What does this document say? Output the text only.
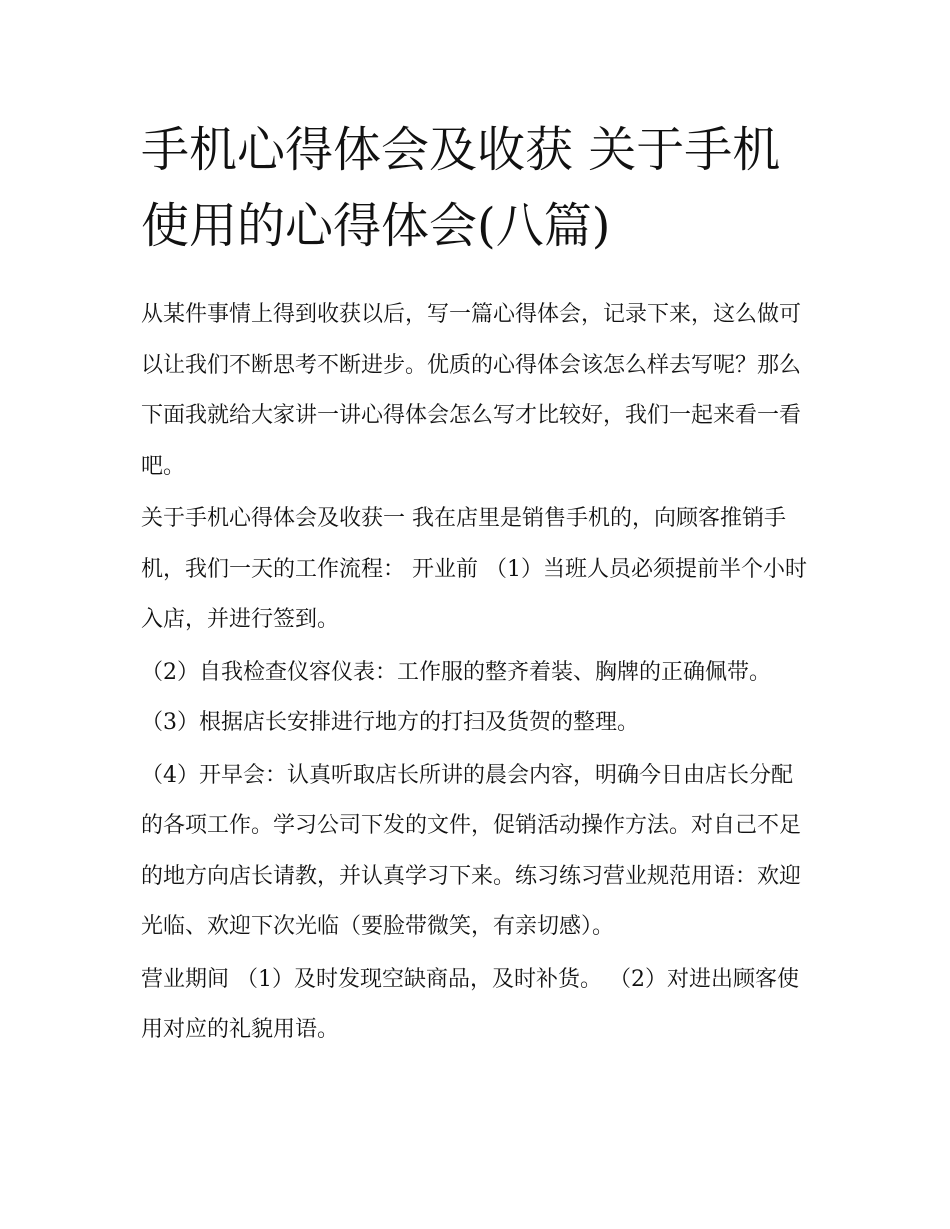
手机心得体会及收获 关于手机使用的心得体会(八篇)

从某件事情上得到收获以后，写一篇心得体会，记录下来，这么做可以让我们不断思考不断进步。优质的心得体会该怎么样去写呢？那么下面我就给大家讲一讲心得体会怎么写才比较好，我们一起来看一看吧。

关于手机心得体会及收获一 我在店里是销售手机的，向顾客推销手机，我们一天的工作流程： 开业前 （1）当班人员必须提前半个小时入店，并进行签到。

（2）自我检查仪容仪表：工作服的整齐着装、胸牌的正确佩带。 （3）根据店长安排进行地方的打扫及货贺的整理。

（4）开早会：认真听取店长所讲的晨会内容，明确今日由店长分配的各项工作。学习公司下发的文件，促销活动操作方法。对自己不足的地方向店长请教，并认真学习下来。练习练习营业规范用语：欢迎光临、欢迎下次光临（要脸带微笑，有亲切感）。

营业期间 （1）及时发现空缺商品，及时补货。 （2）对进出顾客使用对应的礼貌用语。
